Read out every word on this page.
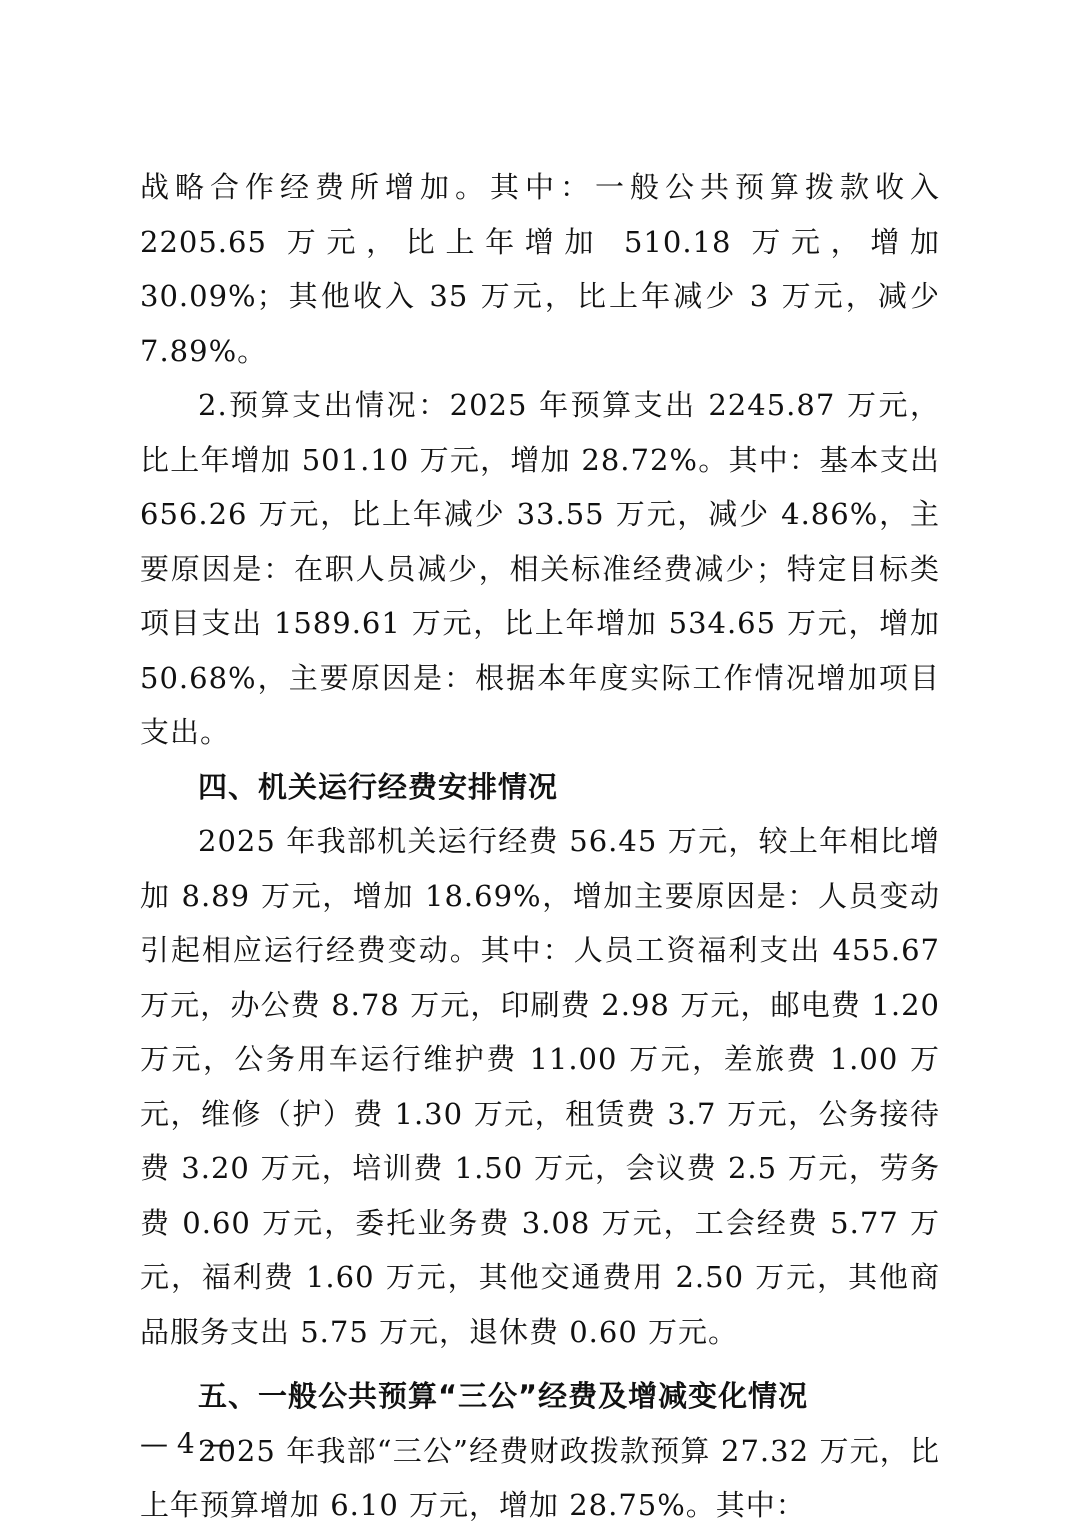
战略合作经费所增加。其中：一般公共预算拨款收入 2205.65 万元，比上年增加 510.18 万元，增加 30.09%；其他收入 35 万元，比上年减少 3 万元，减少 7.89%。

2.预算支出情况：2025 年预算支出 2245.87 万元，比上年增加 501.10 万元，增加 28.72%。其中：基本支出 656.26 万元，比上年减少 33.55 万元，减少 4.86%，主要原因是：在职人员减少，相关标准经费减少；特定目标类项目支出 1589.61 万元，比上年增加 534.65 万元，增加 50.68%，主要原因是：根据本年度实际工作情况增加项目支出。

四、机关运行经费安排情况

2025 年我部机关运行经费 56.45 万元，较上年相比增加 8.89 万元，增加 18.69%，增加主要原因是：人员变动引起相应运行经费变动。其中：人员工资福利支出 455.67 万元，办公费 8.78 万元，印刷费 2.98 万元，邮电费 1.20 万元，公务用车运行维护费 11.00 万元，差旅费 1.00 万元，维修（护）费 1.30 万元，租赁费 3.7 万元，公务接待费 3.20 万元，培训费 1.50 万元，会议费 2.5 万元，劳务费 0.60 万元，委托业务费 3.08 万元，工会经费 5.77 万元，福利费 1.60 万元，其他交通费用 2.50 万元，其他商品服务支出 5.75 万元，退休费 0.60 万元。

五、一般公共预算“三公”经费及增减变化情况

2025 年我部“三公”经费财政拨款预算 27.32 万元，比上年预算增加 6.10 万元，增加 28.75%。其中：

— 4 —
